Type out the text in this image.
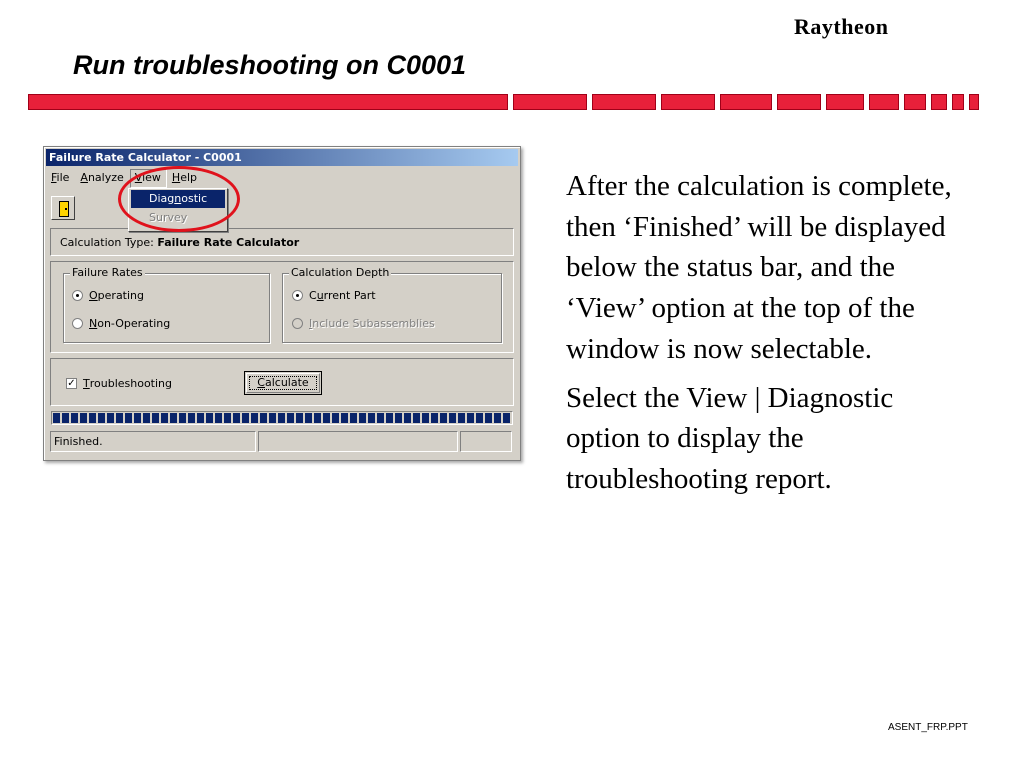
Raytheon
Run troubleshooting on C0001
Failure Rate Calculator - C0001
File	Analyze	View	Help
Calculation Type: Failure Rate Calculator
Failure Rates
O perating
N on-Operating
Calculation Depth
C u rrent Part
Include Subassemblies
✓ T roubleshooting	Calculate
Finished.
Diagnostic
Survey

After the calculation is complete, then ‘Finished’ will be displayed below the status bar, and the ‘View’ option at the top of the window is now selectable.

Select the View | Diagnostic option to display the troubleshooting report.

ASENT_FRP.PPT
